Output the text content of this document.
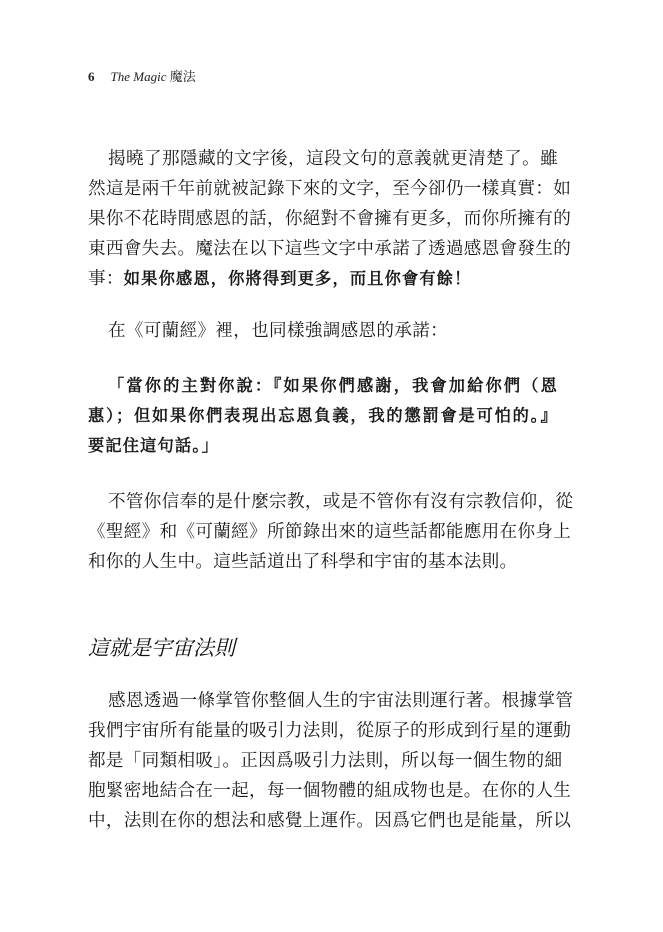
6 The Magic 魔法
揭曉了那隱藏的文字後，這段文句的意義就更清楚了。雖
然這是兩千年前就被記錄下來的文字，至今卻仍一樣真實：如
果你不花時間感恩的話，你絕對不會擁有更多，而你所擁有的
東西會失去。魔法在以下這些文字中承諾了透過感恩會發生的
事：如果你感恩，你將得到更多，而且你會有餘！
在《可蘭經》裡，也同樣強調感恩的承諾：
「當你的主對你說：『如果你們感謝，我會加給你們（恩
惠）；但如果你們表現出忘恩負義，我的懲罰會是可怕的。』
要記住這句話。」
不管你信奉的是什麼宗教，或是不管你有沒有宗教信仰，從
《聖經》和《可蘭經》所節錄出來的這些話都能應用在你身上
和你的人生中。這些話道出了科學和宇宙的基本法則。
這就是宇宙法則
感恩透過一條掌管你整個人生的宇宙法則運行著。根據掌管
我們宇宙所有能量的吸引力法則，從原子的形成到行星的運動
都是「同類相吸」。正因爲吸引力法則，所以每一個生物的細
胞緊密地結合在一起，每一個物體的組成物也是。在你的人生
中，法則在你的想法和感覺上運作。因爲它們也是能量，所以
